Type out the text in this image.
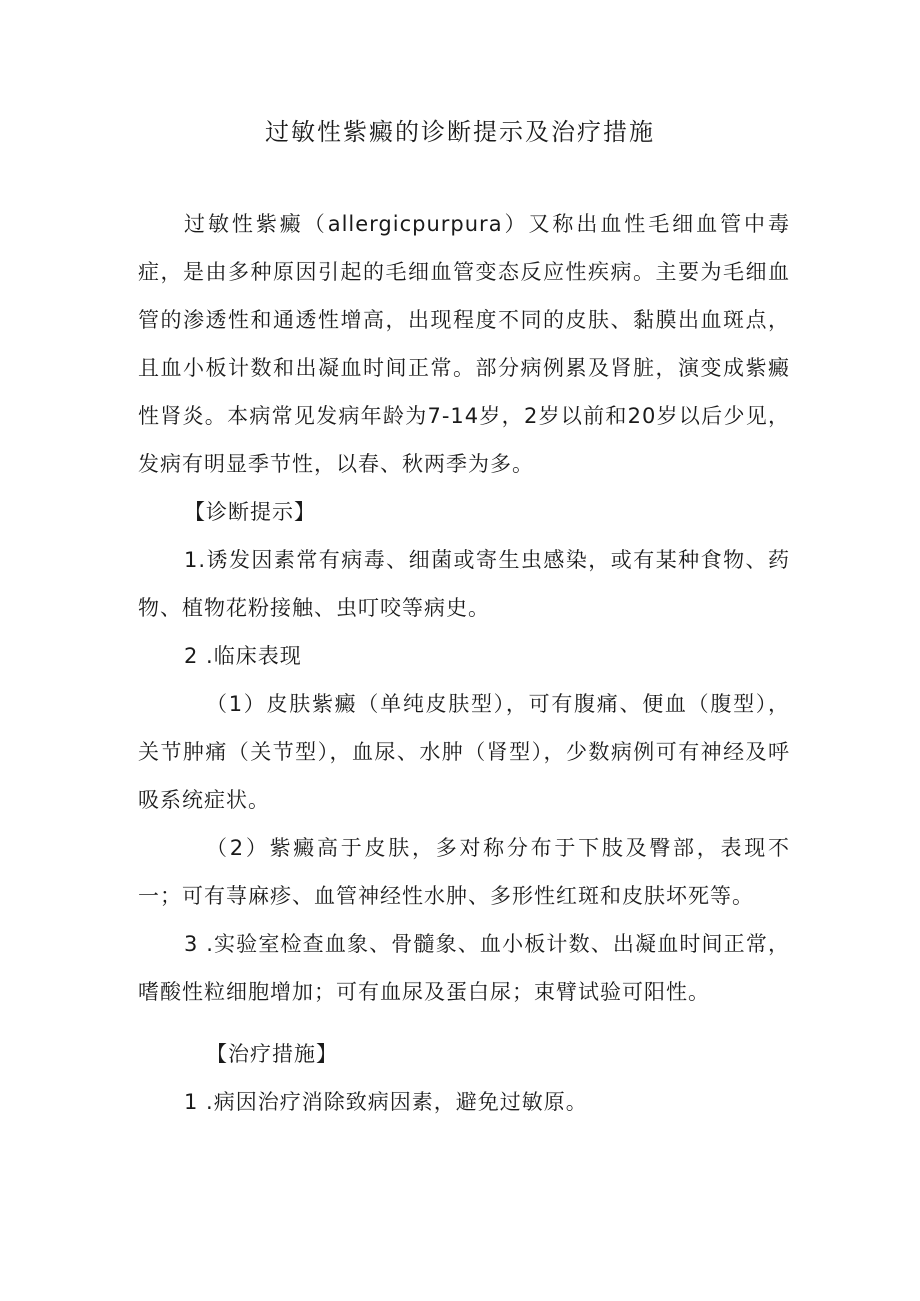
过敏性紫癜的诊断提示及治疗措施

过敏性紫癜（allergicpurpura）又称出血性毛细血管中毒症，是由多种原因引起的毛细血管变态反应性疾病。主要为毛细血管的渗透性和通透性增高，出现程度不同的皮肤、黏膜出血斑点，且血小板计数和出凝血时间正常。部分病例累及肾脏，演变成紫癜性肾炎。本病常见发病年龄为7-14岁，2岁以前和20岁以后少见，发病有明显季节性，以春、秋两季为多。

【诊断提示】

1.诱发因素常有病毒、细菌或寄生虫感染，或有某种食物、药物、植物花粉接触、虫叮咬等病史。

2 .临床表现

（1）皮肤紫癜（单纯皮肤型），可有腹痛、便血（腹型），关节肿痛（关节型），血尿、水肿（肾型），少数病例可有神经及呼吸系统症状。

（2）紫癜高于皮肤，多对称分布于下肢及臀部，表现不一；可有荨麻疹、血管神经性水肿、多形性红斑和皮肤坏死等。

3 .实验室检查血象、骨髓象、血小板计数、出凝血时间正常，嗜酸性粒细胞增加；可有血尿及蛋白尿；束臂试验可阳性。

【治疗措施】

1 .病因治疗消除致病因素，避免过敏原。
